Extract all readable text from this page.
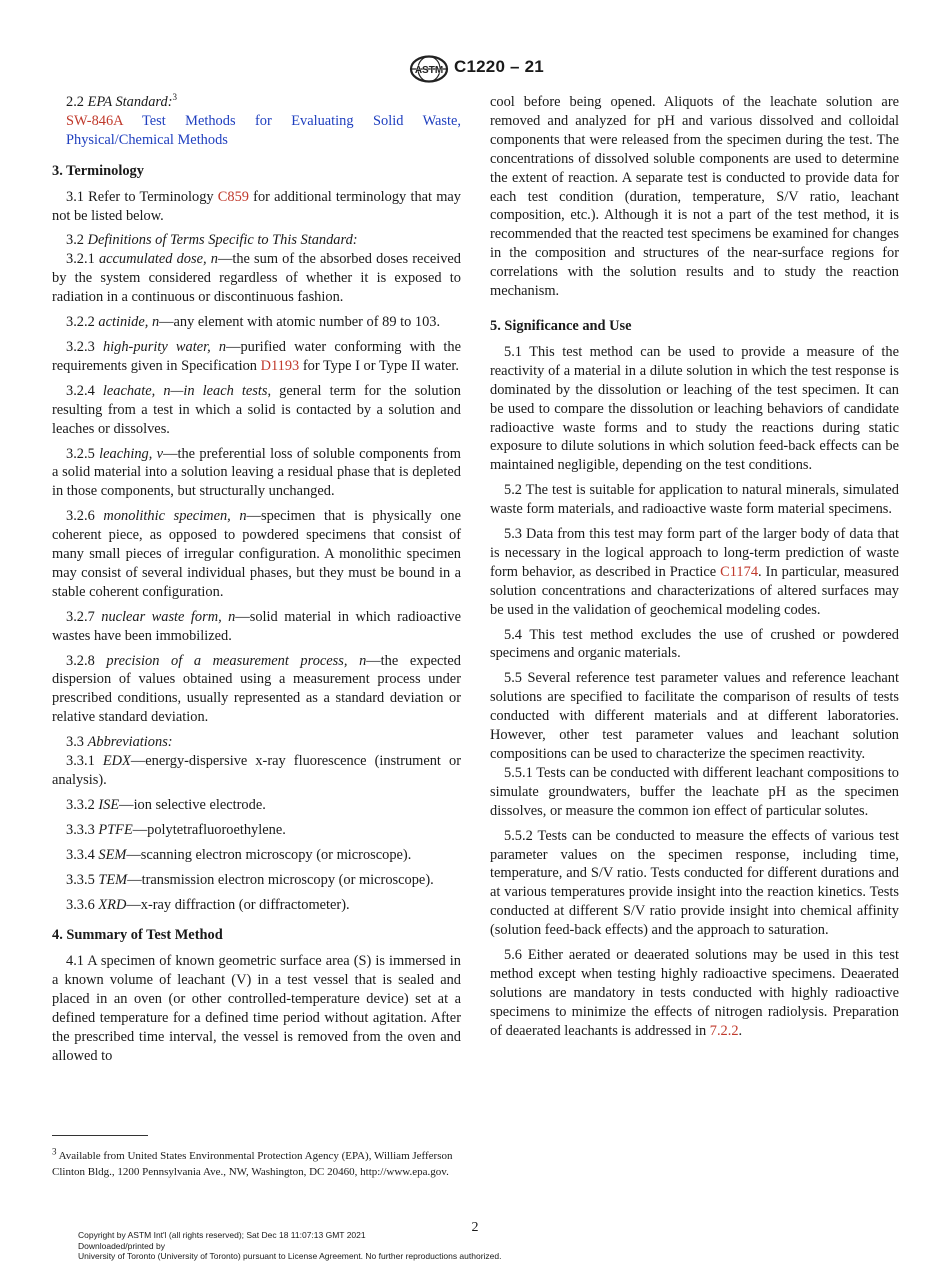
ASTM C1220 – 21

2.2 EPA Standard:$^3$

SW-846A Test Methods for Evaluating Solid Waste, Physical/Chemical Methods

3. Terminology

3.1 Refer to Terminology C859 for additional terminology that may not be listed below.

3.2 Definitions of Terms Specific to This Standard:

3.2.1 accumulated dose, n—the sum of the absorbed doses received by the system considered regardless of whether it is exposed to radiation in a continuous or discontinuous fashion.

3.2.2 actinide, n—any element with atomic number of 89 to 103.

3.2.3 high-purity water, n—purified water conforming with the requirements given in Specification D1193 for Type I or Type II water.

3.2.4 leachate, n—in leach tests, general term for the solution resulting from a test in which a solid is contacted by a solution and leaches or dissolves.

3.2.5 leaching, v—the preferential loss of soluble components from a solid material into a solution leaving a residual phase that is depleted in those components, but structurally unchanged.

3.2.6 monolithic specimen, n—specimen that is physically one coherent piece, as opposed to powdered specimens that consist of many small pieces of irregular configuration. A monolithic specimen may consist of several individual phases, but they must be bound in a stable coherent configuration.

3.2.7 nuclear waste form, n—solid material in which radioactive wastes have been immobilized.

3.2.8 precision of a measurement process, n—the expected dispersion of values obtained using a measurement process under prescribed conditions, usually represented as a standard deviation or relative standard deviation.

3.3 Abbreviations:

3.3.1 EDX—energy-dispersive x-ray fluorescence (instrument or analysis).

3.3.2 ISE—ion selective electrode.

3.3.3 PTFE—polytetrafluoroethylene.

3.3.4 SEM—scanning electron microscopy (or microscope).

3.3.5 TEM—transmission electron microscopy (or microscope).

3.3.6 XRD—x-ray diffraction (or diffractometer).

4. Summary of Test Method

4.1 A specimen of known geometric surface area (S) is immersed in a known volume of leachant (V) in a test vessel that is sealed and placed in an oven (or other controlled-temperature device) set at a defined temperature for a defined time period without agitation. After the prescribed time interval, the vessel is removed from the oven and allowed to

cool before being opened. Aliquots of the leachate solution are removed and analyzed for pH and various dissolved and colloidal components that were released from the specimen during the test. The concentrations of dissolved soluble components are used to determine the extent of reaction. A separate test is conducted to provide data for each test condition (duration, temperature, S/V ratio, leachant composition, etc.). Although it is not a part of the test method, it is recommended that the reacted test specimens be examined for changes in the composition and structures of the near-surface regions for correlations with the solution results and to study the reaction mechanism.

5. Significance and Use

5.1 This test method can be used to provide a measure of the reactivity of a material in a dilute solution in which the test response is dominated by the dissolution or leaching of the test specimen. It can be used to compare the dissolution or leaching behaviors of candidate radioactive waste forms and to study the reactions during static exposure to dilute solutions in which solution feed-back effects can be maintained negligible, depending on the test conditions.

5.2 The test is suitable for application to natural minerals, simulated waste form materials, and radioactive waste form material specimens.

5.3 Data from this test may form part of the larger body of data that is necessary in the logical approach to long-term prediction of waste form behavior, as described in Practice C1174. In particular, measured solution concentrations and characterizations of altered surfaces may be used in the validation of geochemical modeling codes.

5.4 This test method excludes the use of crushed or powdered specimens and organic materials.

5.5 Several reference test parameter values and reference leachant solutions are specified to facilitate the comparison of results of tests conducted with different materials and at different laboratories. However, other test parameter values and leachant solution compositions can be used to characterize the specimen reactivity.

5.5.1 Tests can be conducted with different leachant compositions to simulate groundwaters, buffer the leachate pH as the specimen dissolves, or measure the common ion effect of particular solutes.

5.5.2 Tests can be conducted to measure the effects of various test parameter values on the specimen response, including time, temperature, and S/V ratio. Tests conducted for different durations and at various temperatures provide insight into the reaction kinetics. Tests conducted at different S/V ratio provide insight into chemical affinity (solution feed-back effects) and the approach to saturation.

5.6 Either aerated or deaerated solutions may be used in this test method except when testing highly radioactive specimens. Deaerated solutions are mandatory in tests conducted with highly radioactive specimens to minimize the effects of nitrogen radiolysis. Preparation of deaerated leachants is addressed in 7.2.2.

$^3$ Available from United States Environmental Protection Agency (EPA), William Jefferson Clinton Bldg., 1200 Pennsylvania Ave., NW, Washington, DC 20460, http://www.epa.gov.
2
Copyright by ASTM Int'l (all rights reserved); Sat Dec 18 11:07:13 GMT 2021
Downloaded/printed by
University of Toronto (University of Toronto) pursuant to License Agreement. No further reproductions authorized.
